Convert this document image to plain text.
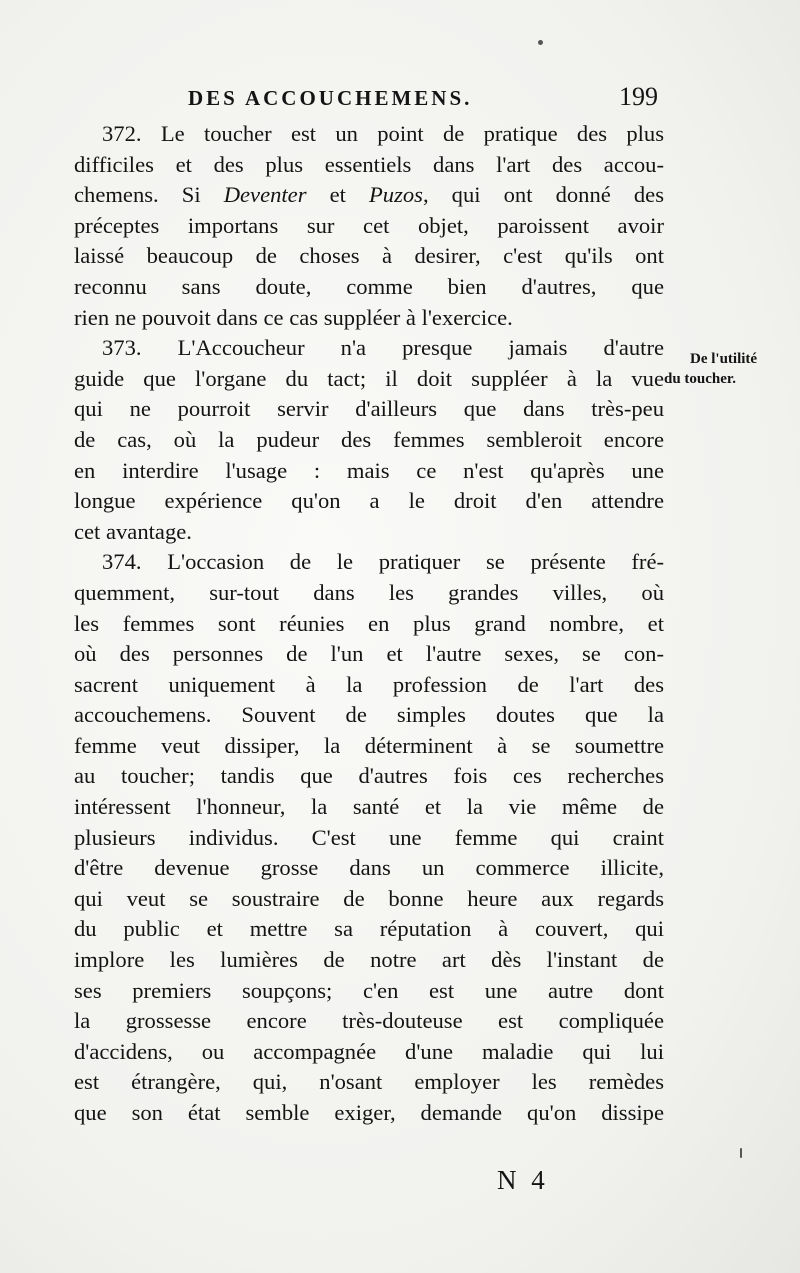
DES ACCOUCHEMENS.	199
372. Le toucher est un point de pratique des plus
difficiles et des plus essentiels dans l'art des accou-
chemens. Si Deventer et Puzos, qui ont donné des
préceptes importans sur cet objet, paroissent avoir
laissé beaucoup de choses à desirer, c'est qu'ils ont
reconnu sans doute, comme bien d'autres, que
rien ne pouvoit dans ce cas suppléer à l'exercice.
373. L'Accoucheur n'a presque jamais d'autre
guide que l'organe du tact; il doit suppléer à la vue
qui ne pourroit servir d'ailleurs que dans très-peu
de cas, où la pudeur des femmes sembleroit encore
en interdire l'usage : mais ce n'est qu'après une
longue expérience qu'on a le droit d'en attendre
cet avantage.
374. L'occasion de le pratiquer se présente fré-
quemment, sur-tout dans les grandes villes, où
les femmes sont réunies en plus grand nombre, et
où des personnes de l'un et l'autre sexes, se con-
sacrent uniquement à la profession de l'art des
accouchemens. Souvent de simples doutes que la
femme veut dissiper, la déterminent à se soumettre
au toucher; tandis que d'autres fois ces recherches
intéressent l'honneur, la santé et la vie même de
plusieurs individus. C'est une femme qui craint
d'être devenue grosse dans un commerce illicite,
qui veut se soustraire de bonne heure aux regards
du public et mettre sa réputation à couvert, qui
implore les lumières de notre art dès l'instant de
ses premiers soupçons; c'en est une autre dont
la grossesse encore très-douteuse est compliquée
d'accidens, ou accompagnée d'une maladie qui lui
est étrangère, qui, n'osant employer les remèdes
que son état semble exiger, demande qu'on dissipe
De l'utilité
du toucher.
N 4
